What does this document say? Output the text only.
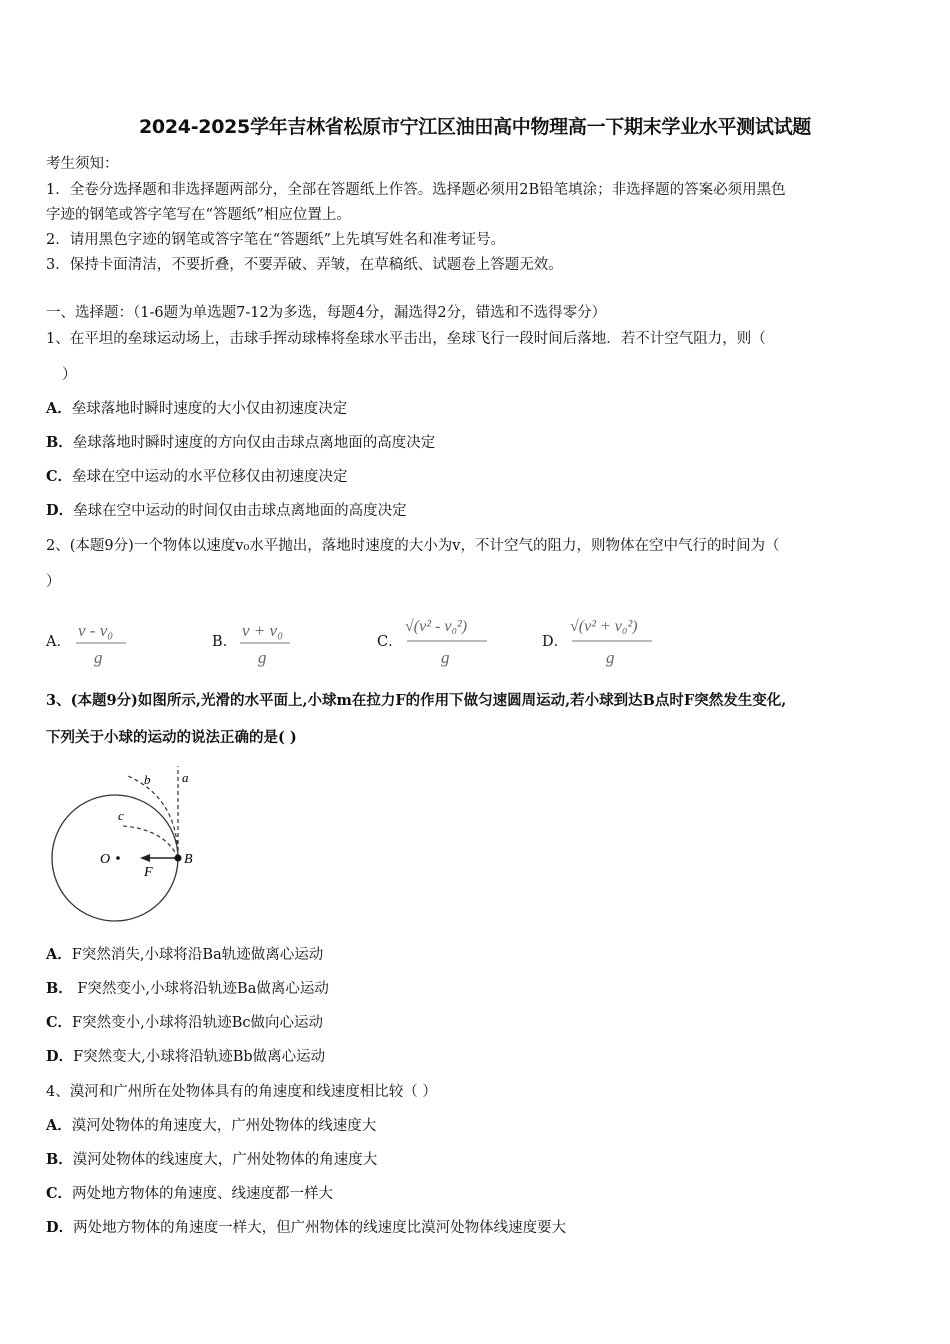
2024-2025学年吉林省松原市宁江区油田高中物理高一下期末学业水平测试试题
考生须知：
1．全卷分选择题和非选择题两部分，全部在答题纸上作答。选择题必须用2B铅笔填涂；非选择题的答案必须用黑色
字迹的钢笔或答字笔写在“答题纸”相应位置上。
2．请用黑色字迹的钢笔或答字笔在“答题纸”上先填写姓名和准考证号。
3．保持卡面清洁，不要折叠，不要弄破、弄皱，在草稿纸、试题卷上答题无效。
一、选择题：（1-6题为单选题7-12为多选，每题4分，漏选得2分，错选和不选得零分）
1、在平坦的垒球运动场上，击球手挥动球棒将垒球水平击出，垒球飞行一段时间后落地．若不计空气阻力，则（
）
A．垒球落地时瞬时速度的大小仅由初速度决定
B．垒球落地时瞬时速度的方向仅由击球点离地面的高度决定
C．垒球在空中运动的水平位移仅由初速度决定
D．垒球在空中运动的时间仅由击球点离地面的高度决定
2、(本题9分)一个物体以速度v₀水平抛出，落地时速度的大小为v，不计空气的阻力，则物体在空中气行的时间为（
）
A．
v - v₀
g
B．
v + v₀
g
C．
√(v² - v₀²)
g
D．
√(v² + v₀²)
g
3、(本题9分)如图所示,光滑的水平面上,小球m在拉力F的作用下做匀速圆周运动,若小球到达B点时F突然发生变化,
下列关于小球的运动的说法正确的是( )
a
b
c
O	B
F
A．F突然消失,小球将沿Ba轨迹做离心运动
B． F突然变小,小球将沿轨迹Ba做离心运动
C．F突然变小,小球将沿轨迹Bc做向心运动
D．F突然变大,小球将沿轨迹Bb做离心运动
4、漠河和广州所在处物体具有的角速度和线速度相比较（ ）
A．漠河处物体的角速度大，广州处物体的线速度大
B．漠河处物体的线速度大，广州处物体的角速度大
C．两处地方物体的角速度、线速度都一样大
D．两处地方物体的角速度一样大，但广州物体的线速度比漠河处物体线速度要大
